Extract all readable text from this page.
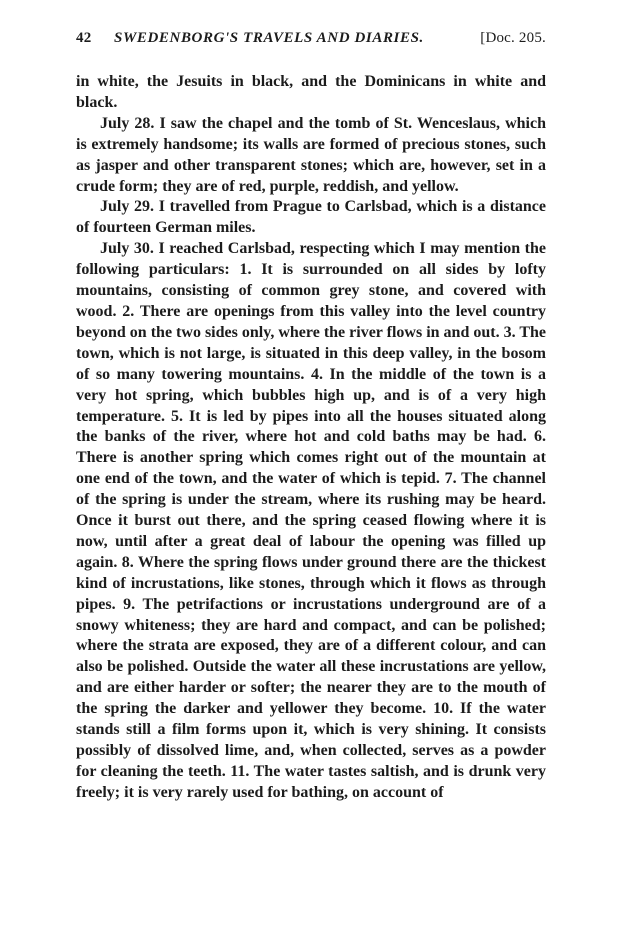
42 SWEDENBORG'S TRAVELS AND DIARIES.	[Doc. 205.

in white, the Jesuits in black, and the Dominicans in white and black.

July 28. I saw the chapel and the tomb of St. Wenceslaus, which is extremely handsome; its walls are formed of precious stones, such as jasper and other transparent stones; which are, however, set in a crude form; they are of red, purple, reddish, and yellow.

July 29. I travelled from Prague to Carlsbad, which is a distance of fourteen German miles.

July 30. I reached Carlsbad, respecting which I may mention the following particulars: 1. It is surrounded on all sides by lofty mountains, consisting of common grey stone, and covered with wood. 2. There are openings from this valley into the level country beyond on the two sides only, where the river flows in and out. 3. The town, which is not large, is situated in this deep valley, in the bosom of so many towering mountains. 4. In the middle of the town is a very hot spring, which bubbles high up, and is of a very high temperature. 5. It is led by pipes into all the houses situated along the banks of the river, where hot and cold baths may be had. 6. There is another spring which comes right out of the mountain at one end of the town, and the water of which is tepid. 7. The channel of the spring is under the stream, where its rushing may be heard. Once it burst out there, and the spring ceased flowing where it is now, until after a great deal of labour the opening was filled up again. 8. Where the spring flows under ground there are the thickest kind of incrustations, like stones, through which it flows as through pipes. 9. The petrifactions or incrustations underground are of a snowy whiteness; they are hard and compact, and can be polished; where the strata are exposed, they are of a different colour, and can also be polished. Outside the water all these incrustations are yellow, and are either harder or softer; the nearer they are to the mouth of the spring the darker and yellower they become. 10. If the water stands still a film forms upon it, which is very shining. It consists possibly of dissolved lime, and, when collected, serves as a powder for cleaning the teeth. 11. The water tastes saltish, and is drunk very freely; it is very rarely used for bathing, on account of
